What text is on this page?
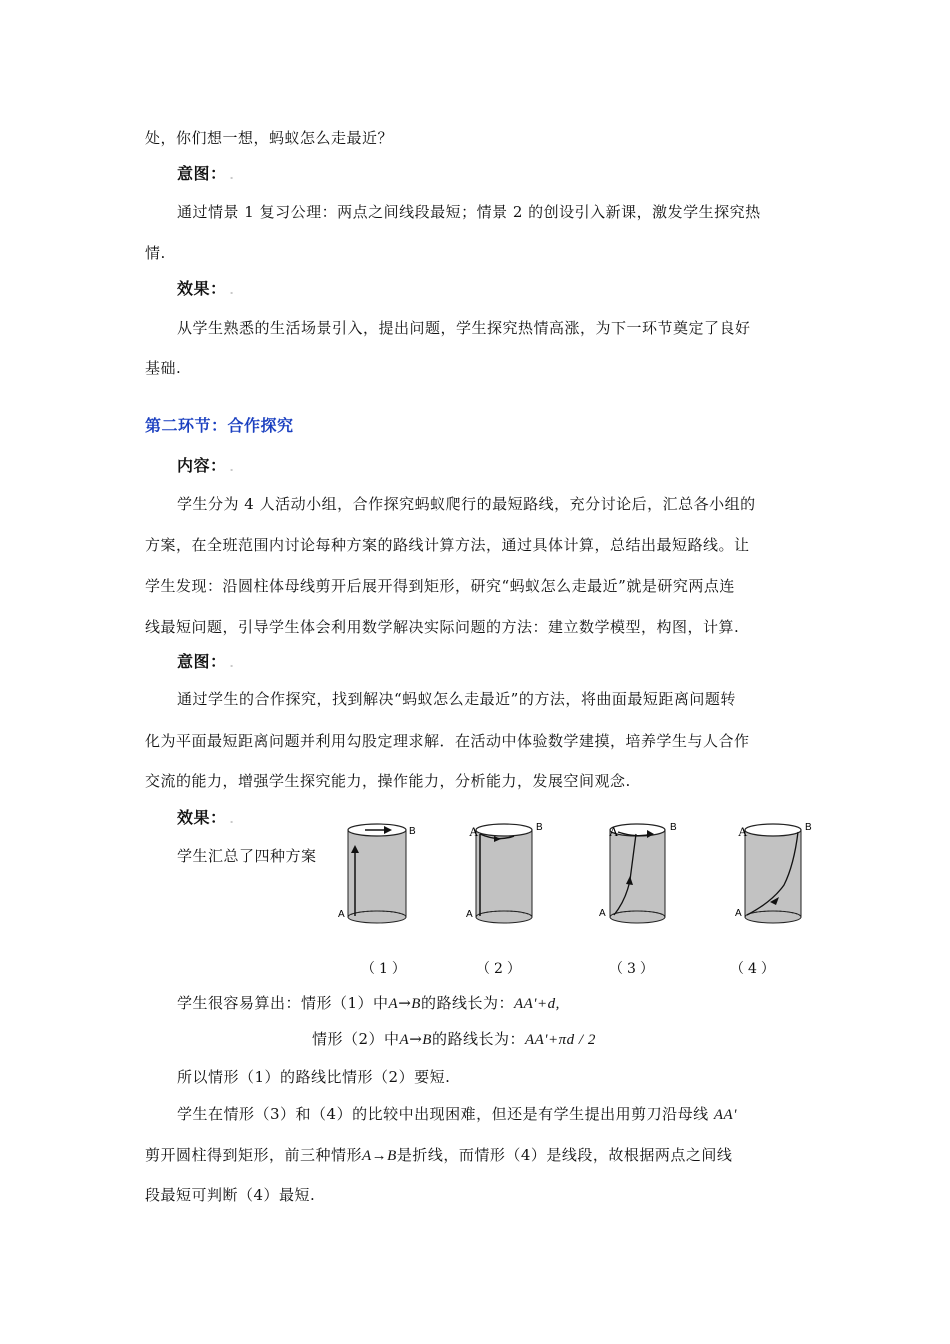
处，你们想一想，蚂蚁怎么走最近？
意图： .
通过情景 1 复习公理：两点之间线段最短；情景 2 的创设引入新课，激发学生探究热
情.
效果： .
从学生熟悉的生活场景引入，提出问题，学生探究热情高涨，为下一环节奠定了良好
基础.
第二环节：合作探究
内容： .
学生分为 4 人活动小组，合作探究蚂蚁爬行的最短路线，充分讨论后，汇总各小组的
方案，在全班范围内讨论每种方案的路线计算方法，通过具体计算，总结出最短路线。让
学生发现：沿圆柱体母线剪开后展开得到矩形，研究“蚂蚁怎么走最近”就是研究两点连
线最短问题，引导学生体会利用数学解决实际问题的方法：建立数学模型，构图，计算.
意图： .
通过学生的合作探究，找到解决“蚂蚁怎么走最近”的方法，将曲面最短距离问题转
化为平面最短距离问题并利用勾股定理求解．在活动中体验数学建摸，培养学生与人合作
交流的能力，增强学生探究能力，操作能力，分析能力，发展空间观念.
效果： .
学生汇总了四种方案
A
B	A
A
B	A
A
B	A
A
B
（1）	（2）	（3）	（4）
学生很容易算出：情形（1）中A→B的路线长为：AA'+d,
情形（2）中A→B的路线长为：AA'+πd / 2
所以情形（1）的路线比情形（2）要短.
学生在情形（3）和（4）的比较中出现困难，但还是有学生提出用剪刀沿母线 AA'
剪开圆柱得到矩形，前三种情形A→B是折线，而情形（4）是线段，故根据两点之间线
段最短可判断（4）最短.
